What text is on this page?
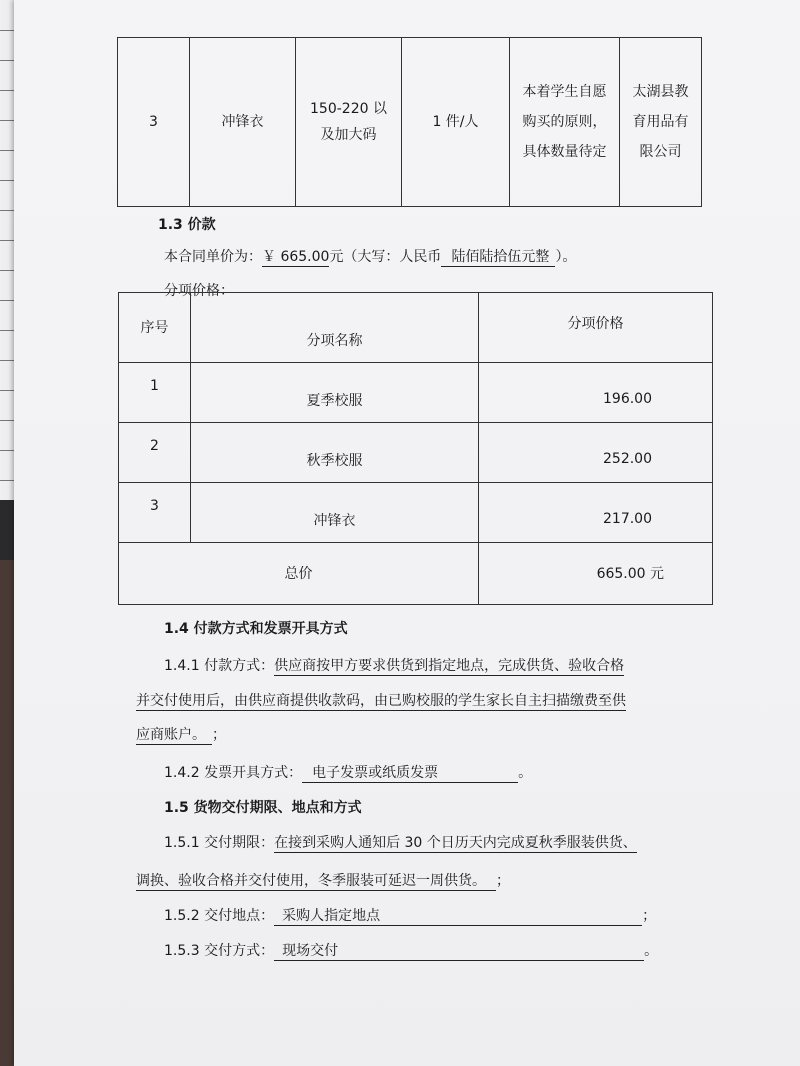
3	冲锋衣	150-220 以及加大码	1 件/人	本着学生自愿购买的原则，具体数量待定	太湖县教育用品有限公司
1.3 价款
本合同单价为：￥ 665.00元（大写：人民币 陆佰陆拾伍元整 ）。
分项价格：
序号	分项名称	分项价格
1	夏季校服	196.00
2	秋季校服	252.00
3	冲锋衣	217.00
总价		665.00 元
1.4 付款方式和发票开具方式
1.4.1 付款方式：供应商按甲方要求供货到指定地点，完成供货、验收合格
并交付使用后，由供应商提供收款码，由已购校服的学生家长自主扫描缴费至供
应商账户。 ；
1.4.2 发票开具方式： 电子发票或纸质发票	。
1.5 货物交付期限、地点和方式
1.5.1 交付期限：在接到采购人通知后 30 个日历天内完成夏秋季服装供货、
调换、验收合格并交付使用，冬季服装可延迟一周供货。 ；
1.5.2 交付地点： 采购人指定地点	；
1.5.3 交付方式： 现场交付	。
